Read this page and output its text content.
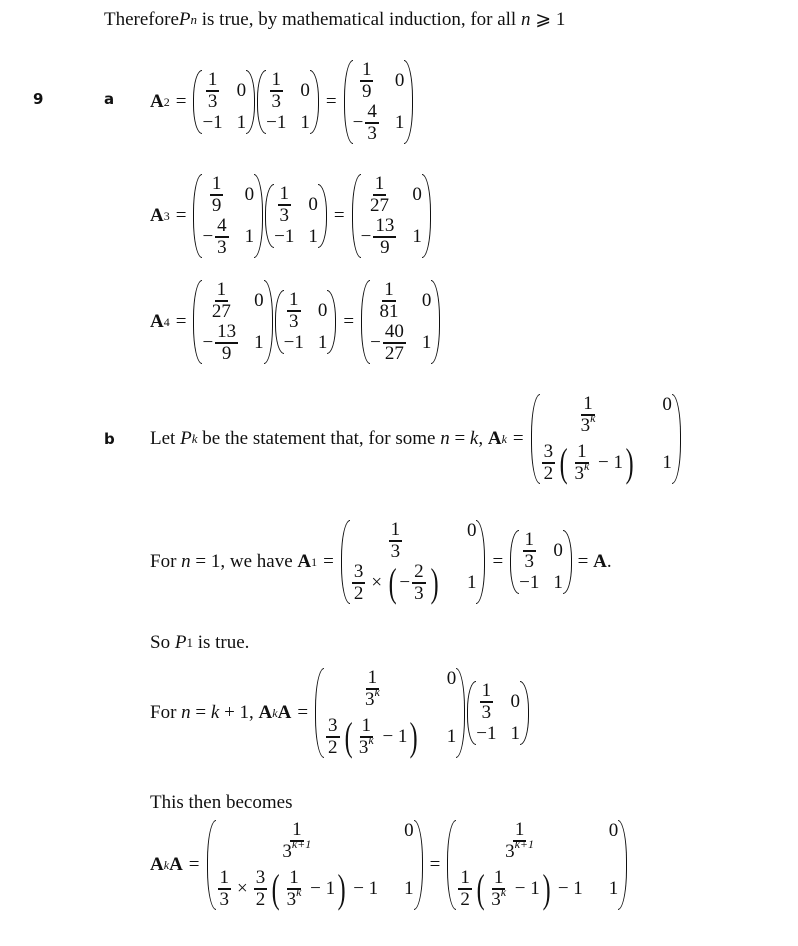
Therefore P n is true, by mathematical induction, for all n ⩾ 1
9	a A $2 = \frac{1}{3} 0$
−1 1
$\frac{1}{3} 0$
−1 1
= $\frac{1}{9} 0$
− $\frac{4}{3} 1$
A $3 = \frac{1}{9} 0$
− $\frac{4}{3} 1$
$\frac{1}{3} 0$
−1 1
= $\frac{1}{27} 0$
− $\frac{13}{9} 1$
A $4 = \frac{1}{27} 0$
− $\frac{13}{9} 1$
$\frac{1}{3} 0$
−1 1
= $\frac{1}{81} 0$
− $\frac{40}{27} 1$
b Let P k be the statement that, for some n = k , A k =
$\frac{1}{3^k}$	0
$\frac{3}{2}$ ( $\frac{1}{3^k} - 1$ ) 1
For n = 1, we have A 1 =	$\frac{1}{3}$	0
$\frac{3}{2}$ × ( − $\frac{2}{3}$ ) 1
= $\frac{1}{3} 0$
−1 1
= A .
So P 1 is true.
For n = k + 1, A k A =
$\frac{1}{3^k}$	0
$\frac{3}{2}$ ( $\frac{1}{3^k} - 1$ ) 1
$\frac{1}{3} 0$
−1 1
This then becomes
A k A =
$\frac{1}{3^{k+1}}$	0
$\frac{1}{3} \times \frac{3}{2}$ ( $\frac{1}{3^k} - 1$ ) − 1 1
=
$\frac{1}{3^{k+1}}$	0
$\frac{1}{2}$ ( $\frac{1}{3^k} - 1$ ) − 1 1
